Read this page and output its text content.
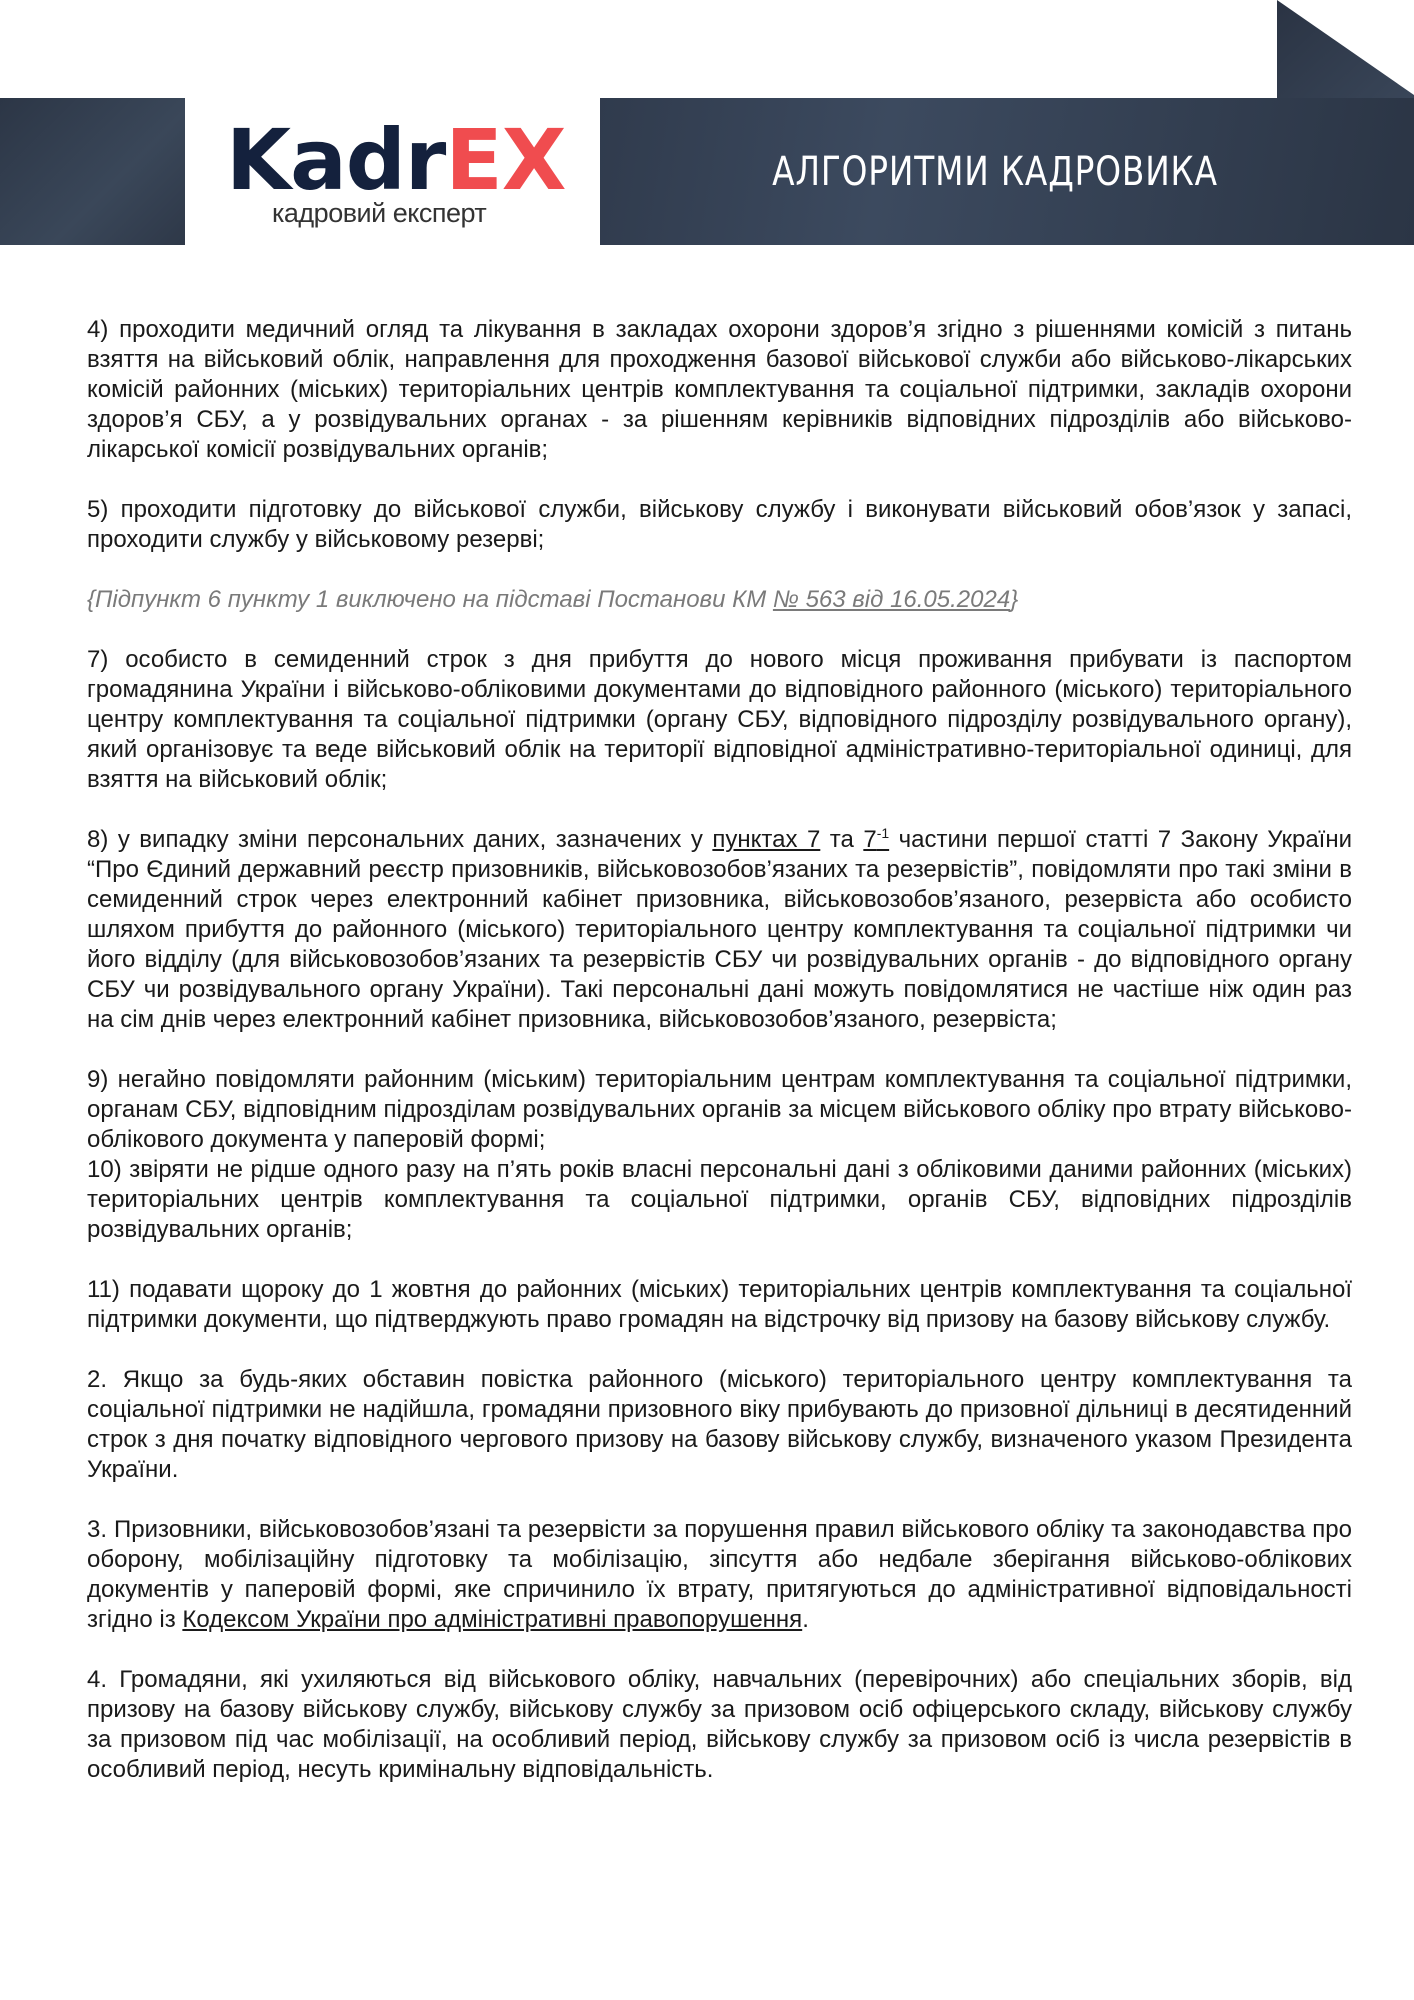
KadrEX
кадровий експерт
АЛГОРИТМИ КАДРОВИКА

4) проходити медичний огляд та лікування в закладах охорони здоров’я згідно з рішеннями комісій з питань взяття на військовий облік, направлення для проходження базової військової служби або військово-лікарських комісій районних (міських) територіальних центрів комплектування та соціальної підтримки, закладів охорони здоров’я СБУ, а у розвідувальних органах - за рішенням керівників відповідних підрозділів або військово-лікарської комісії розвідувальних органів;

5) проходити підготовку до військової служби, військову службу і виконувати військовий обов’язок у запасі, проходити службу у військовому резерві;

{Підпункт 6 пункту 1 виключено на підставі Постанови КМ № 563 від 16.05.2024}

7) особисто в семиденний строк з дня прибуття до нового місця проживання прибувати із паспортом громадянина України і військово-обліковими документами до відповідного районного (міського) територіального центру комплектування та соціальної підтримки (органу СБУ, відповідного підрозділу розвідувального органу), який організовує та веде військовий облік на території відповідної адміністративно-територіальної одиниці, для взяття на військовий облік;

8) у випадку зміни персональних даних, зазначених у пунктах 7 та $7^{-1}$ частини першої статті 7 Закону України “Про Єдиний державний реєстр призовників, військовозобов’язаних та резервістів”, повідомляти про такі зміни в семиденний строк через електронний кабінет призовника, військовозобов’язаного, резервіста або особисто шляхом прибуття до районного (міського) територіального центру комплектування та соціальної підтримки чи його відділу (для військовозобов’язаних та резервістів СБУ чи розвідувальних органів - до відповідного органу СБУ чи розвідувального органу України). Такі персональні дані можуть повідомлятися не частіше ніж один раз на сім днів через електронний кабінет призовника, військовозобов’язаного, резервіста;

9) негайно повідомляти районним (міським) територіальним центрам комплектування та соціальної підтримки, органам СБУ, відповідним підрозділам розвідувальних органів за місцем військового обліку про втрату військово-облікового документа у паперовій формі;

10) звіряти не рідше одного разу на п’ять років власні персональні дані з обліковими даними районних (міських) територіальних центрів комплектування та соціальної підтримки, органів СБУ, відповідних підрозділів розвідувальних органів;

11) подавати щороку до 1 жовтня до районних (міських) територіальних центрів комплектування та соціальної підтримки документи, що підтверджують право громадян на відстрочку від призову на базову військову службу.

2. Якщо за будь-яких обставин повістка районного (міського) територіального центру комплектування та соціальної підтримки не надійшла, громадяни призовного віку прибувають до призовної дільниці в десятиденний строк з дня початку відповідного чергового призову на базову військову службу, визначеного указом Президента України.

3. Призовники, військовозобов’язані та резервісти за порушення правил військового обліку та законодавства про оборону, мобілізаційну підготовку та мобілізацію, зіпсуття або недбале зберігання військово-облікових документів у паперовій формі, яке спричинило їх втрату, притягуються до адміністративної відповідальності згідно із Кодексом України про адміністративні правопорушення.

4. Громадяни, які ухиляються від військового обліку, навчальних (перевірочних) або спеціальних зборів, від призову на базову військову службу, військову службу за призовом осіб офіцерського складу, військову службу за призовом під час мобілізації, на особливий період, військову службу за призовом осіб із числа резервістів в особливий період, несуть кримінальну відповідальність.
